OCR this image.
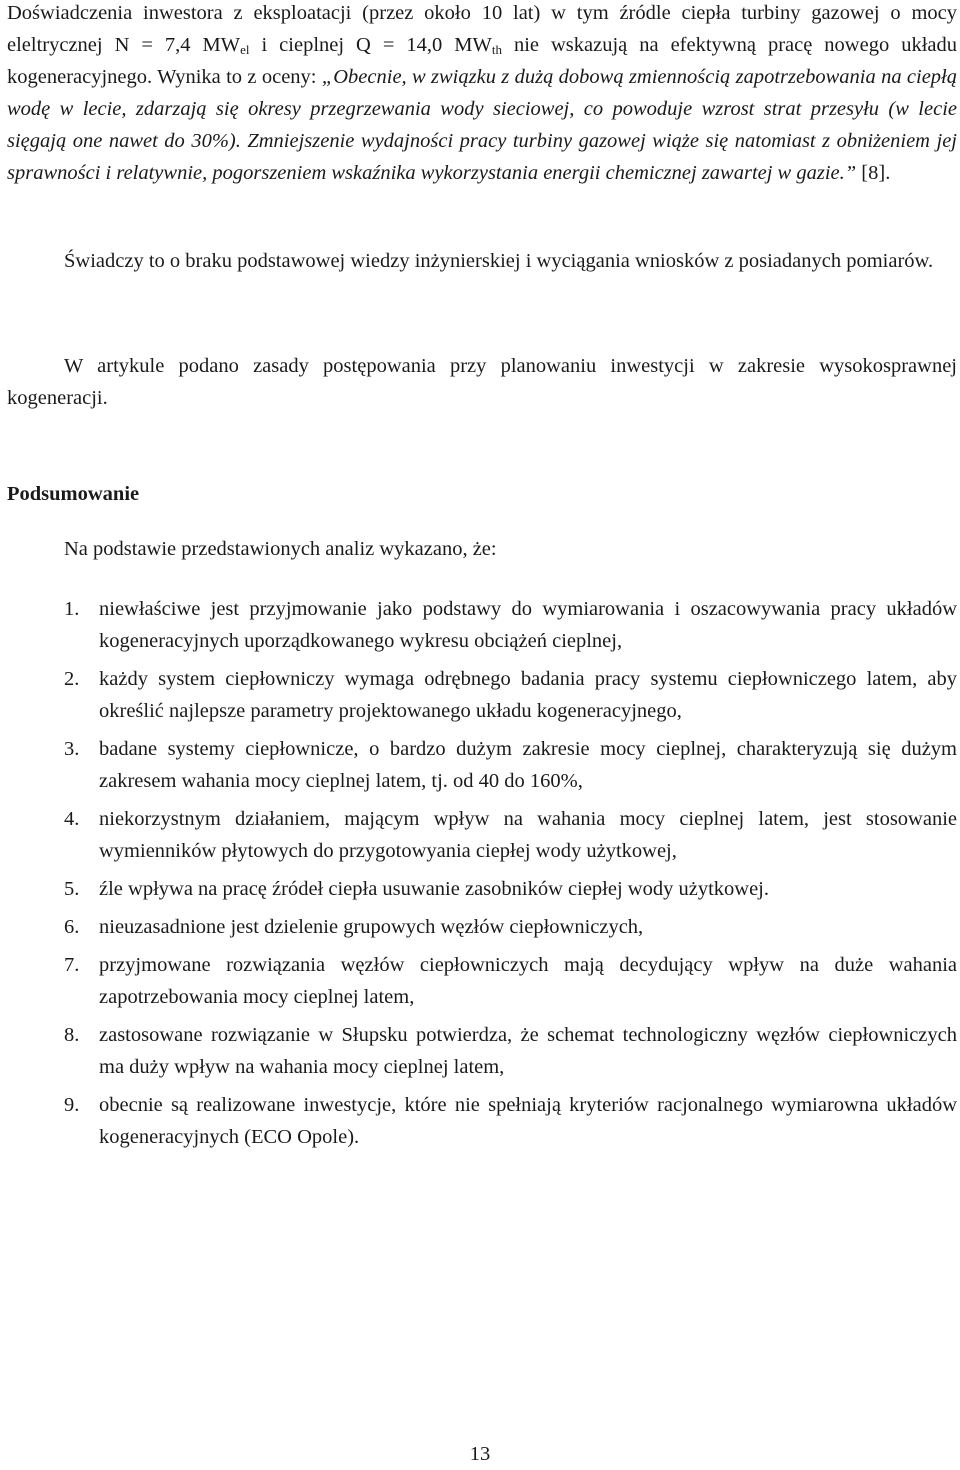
Doświadczenia inwestora z eksploatacji (przez około 10 lat) w tym źródle ciepła turbiny gazowej o mocy eleltrycznej N = 7,4 $MW_{el}$ i cieplnej Q = 14,0 $MW_{th}$ nie wskazują na efektywną pracę nowego układu kogeneracyjnego. Wynika to z oceny: „Obecnie, w związku z dużą dobową zmiennością zapotrzebowania na ciepłą wodę w lecie, zdarzają się okresy przegrzewania wody sieciowej, co powoduje wzrost strat przesyłu (w lecie sięgają one nawet do 30%). Zmniejszenie wydajności pracy turbiny gazowej wiąże się natomiast z obniżeniem jej sprawności i relatywnie, pogorszeniem wskaźnika wykorzystania energii chemicznej zawartej w gazie.” [8].

Świadczy to o braku podstawowej wiedzy inżynierskiej i wyciągania wniosków z posiadanych pomiarów.

W artykule podano zasady postępowania przy planowaniu inwestycji w zakresie wysokosprawnej kogeneracji.

Podsumowanie

Na podstawie przedstawionych analiz wykazano, że:

1. niewłaściwe jest przyjmowanie jako podstawy do wymiarowania i oszacowywania pracy układów kogeneracyjnych uporządkowanego wykresu obciążeń cieplnej,
2. każdy system ciepłowniczy wymaga odrębnego badania pracy systemu ciepłowniczego latem, aby określić najlepsze parametry projektowanego układu kogeneracyjnego,
3. badane systemy ciepłownicze, o bardzo dużym zakresie mocy cieplnej, charakteryzują się dużym zakresem wahania mocy cieplnej latem, tj. od 40 do 160%,
4. niekorzystnym działaniem, mającym wpływ na wahania mocy cieplnej latem, jest stosowanie wymienników płytowych do przygotowyania ciepłej wody użytkowej,
5. źle wpływa na pracę źródeł ciepła usuwanie zasobników ciepłej wody użytkowej.
6. nieuzasadnione jest dzielenie grupowych węzłów ciepłowniczych,
7. przyjmowane rozwiązania węzłów ciepłowniczych mają decydujący wpływ na duże wahania zapotrzebowania mocy cieplnej latem,
8. zastosowane rozwiązanie w Słupsku potwierdza, że schemat technologiczny węzłów ciepłowniczych ma duży wpływ na wahania mocy cieplnej latem,
9. obecnie są realizowane inwestycje, które nie spełniają kryteriów racjonalnego wymiarowna układów kogeneracyjnych (ECO Opole).
13
